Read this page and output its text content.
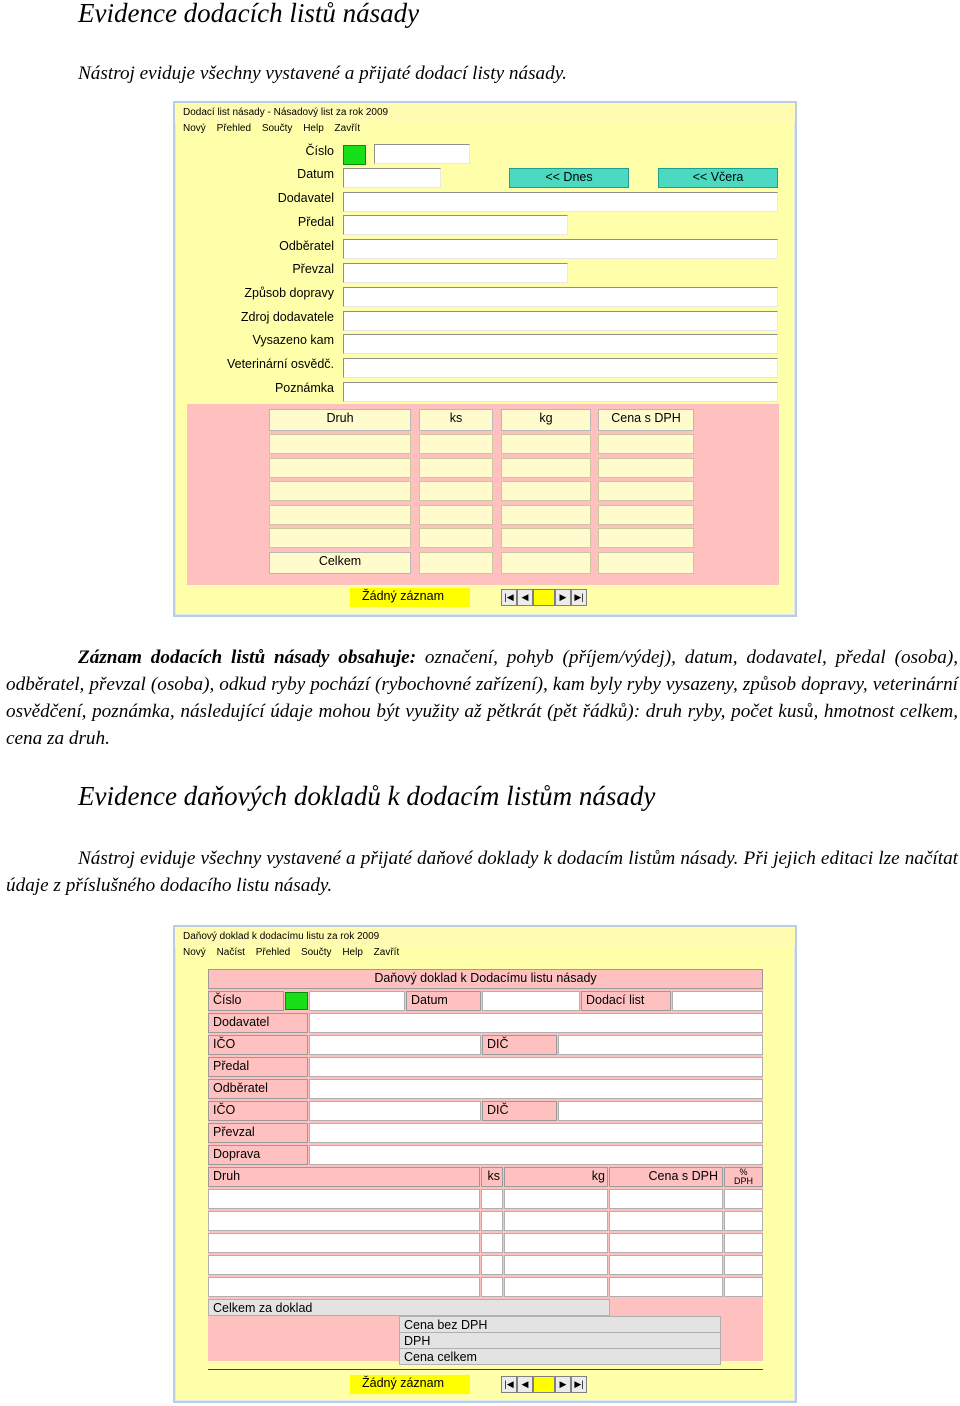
Evidence dodacích listů násady
Nástroj eviduje všechny vystavené a přijaté dodací listy násady.
Dodací list násady - Násadový list za rok 2009
Nový Přehled Součty Help Zavřít
Číslo
Datum
Dodavatel
Předal
Odběratel
Převzal
Způsob dopravy
Zdroj dodavatele
Vysazeno kam
Veterinární osvědč.
Poznámka
<< Dnes	<< Včera
Druh	ks	kg	Cena s DPH
Celkem
Žádný záznam	|◀ ◀	▶ ▶|
Záznam dodacích listů násady obsahuje: označení, pohyb (příjem/výdej), datum, dodavatel, předal (osoba), odběratel, převzal (osoba), odkud ryby pochází (rybochovné zařízení), kam byly ryby vysazeny, způsob dopravy, veterinární osvědčení, poznámka, následující údaje mohou být využity až pětkrát (pět řádků): druh ryby, počet kusů, hmotnost celkem, cena za druh.
Evidence daňových dokladů k dodacím listům násady
Nástroj eviduje všechny vystavené a přijaté daňové doklady k dodacím listům násady. Při jejich editaci lze načítat údaje z příslušného dodacího listu násady.
Daňový doklad k dodacímu listu za rok 2009
Nový Načíst Přehled Součty Help Zavřít
Daňový doklad k Dodacímu listu násady
Číslo	Datum	Dodací list
Dodavatel
IČO	DIČ
Předal
Odběratel
IČO	DIČ
Převzal
Doprava
Druh	ks	kg	Cena s DPH	%
DPH
Celkem za doklad
Cena bez DPH
DPH
Cena celkem
Žádný záznam	|◀ ◀	▶ ▶|
